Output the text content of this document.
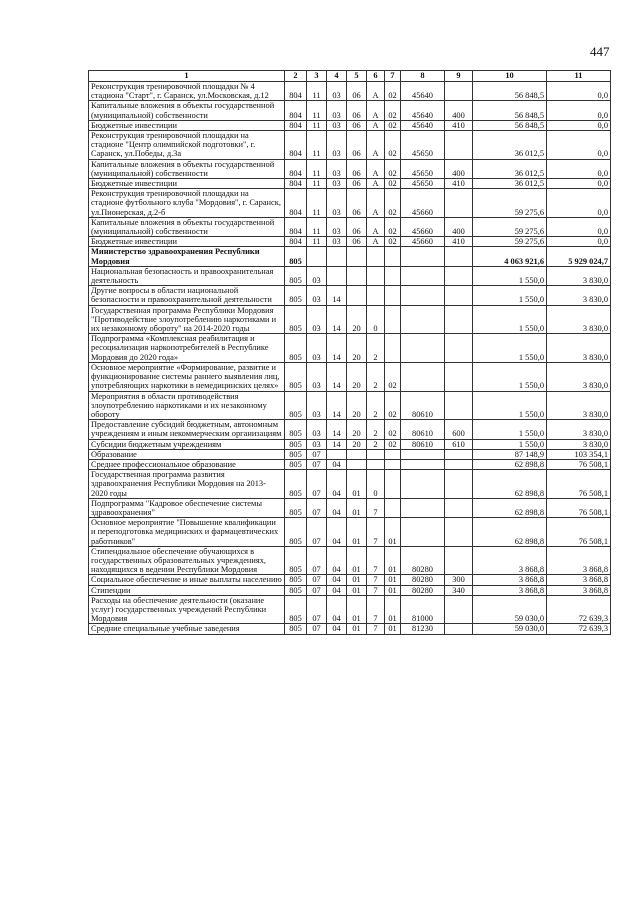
447
1	2	3	4	5	6	7	8	9	10	11
Реконструкция тренировочной площадки № 4 стадиона "Старт", г. Саранск, ул.Московская, д.12	804	11	03	06	А	02	45640		56 848,5	0,0
Капитальные вложения в объекты государственной (муниципальной) собственности	804	11	03	06	А	02	45640	400	56 848,5	0,0
Бюджетные инвестиции	804	11	03	06	А	02	45640	410	56 848,5	0,0
Реконструкция тренировочной площадки на стадионе "Центр олимпийской подготовки", г. Саранск, ул.Победы, д.3а	804	11	03	06	А	02	45650		36 012,5	0,0
Капитальные вложения в объекты государственной (муниципальной) собственности	804	11	03	06	А	02	45650	400	36 012,5	0,0
Бюджетные инвестиции	804	11	03	06	А	02	45650	410	36 012,5	0,0
Реконструкция тренировочной площадки на стадионе футбольного клуба "Мордовия", г. Саранск, ул.Пионерская, д.2-б	804	11	03	06	А	02	45660		59 275,6	0,0
Капитальные вложения в объекты государственной (муниципальной) собственности	804	11	03	06	А	02	45660	400	59 275,6	0,0
Бюджетные инвестиции	804	11	03	06	А	02	45660	410	59 275,6	0,0
Министерство здравоохранения Республики Мордовия	805								4 063 921,6	5 929 024,7
Национальная безопасность и правоохранительная деятельность	805	03							1 550,0	3 830,0
Другие вопросы в области национальной безопасности и правоохранительной деятельности	805	03	14						1 550,0	3 830,0
Государственная программа Республики Мордовия "Противодействие злоупотреблению наркотиками и их незаконному обороту" на 2014-2020 годы	805	03	14	20	0				1 550,0	3 830,0
Подпрограмма «Комплексная реабилитация и ресоциализация наркопотребителей в Республике Мордовия до 2020 года»	805	03	14	20	2				1 550,0	3 830,0
Основное мероприятие «Формирование, развитие и функционирование системы раннего выявления лиц, употребляющих наркотики в немедицинских целях»	805	03	14	20	2	02			1 550,0	3 830,0
Мероприятия в области противодействия злоупотреблению наркотиками и их незаконному обороту	805	03	14	20	2	02	80610		1 550,0	3 830,0
Предоставление субсидий бюджетным, автономным учреждениям и иным некоммерческим организациям	805	03	14	20	2	02	80610	600	1 550,0	3 830,0
Субсидии бюджетным учреждениям	805	03	14	20	2	02	80610	610	1 550,0	3 830,0
Образование	805	07							87 148,9	103 354,1
Среднее профессиональное образование	805	07	04						62 898,8	76 508,1
Государственная программа развития здравоохранения Республики Мордовия на 2013-2020 годы	805	07	04	01	0				62 898,8	76 508,1
Подпрограмма "Кадровое обеспечение системы здравоохранения"	805	07	04	01	7				62 898,8	76 508,1
Основное мероприятие "Повышение квалификации и переподготовка медицинских и фармацевтических работников"	805	07	04	01	7	01			62 898,8	76 508,1
Стипендиальное обеспечение обучающихся в государственных образовательных учреждениях, находящихся в ведении Республики Мордовия	805	07	04	01	7	01	80280		3 868,8	3 868,8
Социальное обеспечение и иные выплаты населению	805	07	04	01	7	01	80280	300	3 868,8	3 868,8
Стипендии	805	07	04	01	7	01	80280	340	3 868,8	3 868,8
Расходы на обеспечение деятельности (оказание услуг) государственных учреждений Республики Мордовия	805	07	04	01	7	01	81000		59 030,0	72 639,3
Средние специальные учебные заведения	805	07	04	01	7	01	81230		59 030,0	72 639,3
